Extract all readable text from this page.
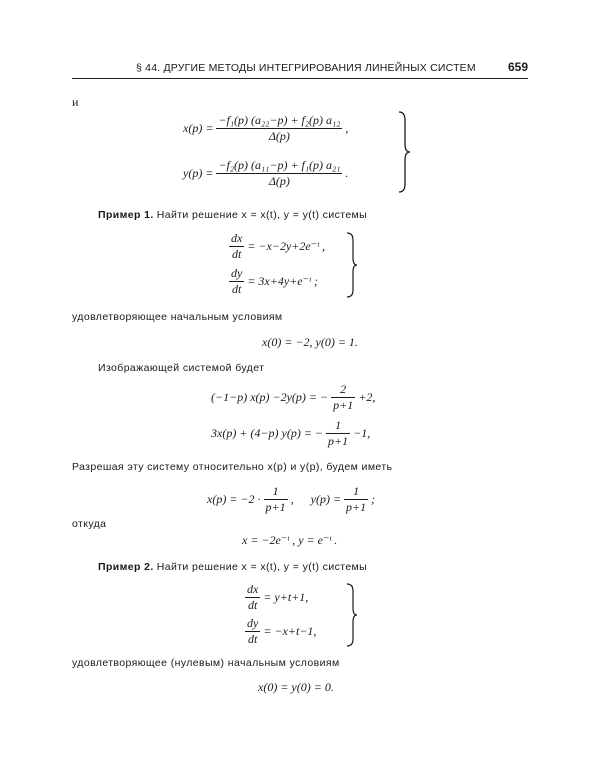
§ 44. ДРУГИЕ МЕТОДЫ ИНТЕГРИРОВАНИЯ ЛИНЕЙНЫХ СИСТЕМ	659
и
$x(p) = \frac{\text{−f₁(p) (a₂₂−p) + f₂(p) a₁₂}}{\Delta(p)}$ ,
$y(p) = \frac{\text{−f₂(p) (a₁₁−p) + f₁(p) a₂₁}}{\Delta(p)}$ .
Пример 1. Найти решение x = x(t), y = y(t) системы
$\frac{dx}{dt}$ = −x−2y+2e⁻ᵗ ,
$\frac{dy}{dt}$ = 3x+4y+e⁻ᵗ ;
удовлетворяющее начальным условиям
x(0) = −2, y(0) = 1.
Изображающей системой будет
(−1−p) x(p) −2y(p) = − $\frac{2}{p+1} +2$,
3x(p) + (4−p) y(p) = − $\frac{1}{p+1} -1$,
Разрешая эту систему относительно x(p) и y(p), будем иметь
$x(p) = -2 \cdot \frac{1}{p+1}$ , $y(p) = \frac{1}{p+1}$ ;
откуда
x = −2e⁻ᵗ , y = e⁻ᵗ .
Пример 2. Найти решение x = x(t), y = y(t) системы
$\frac{dx}{dt} = y+t+1$,
$\frac{dy}{dt} = -x+t-1$,
удовлетворяющее (нулевым) начальным условиям
x(0) = y(0) = 0.
